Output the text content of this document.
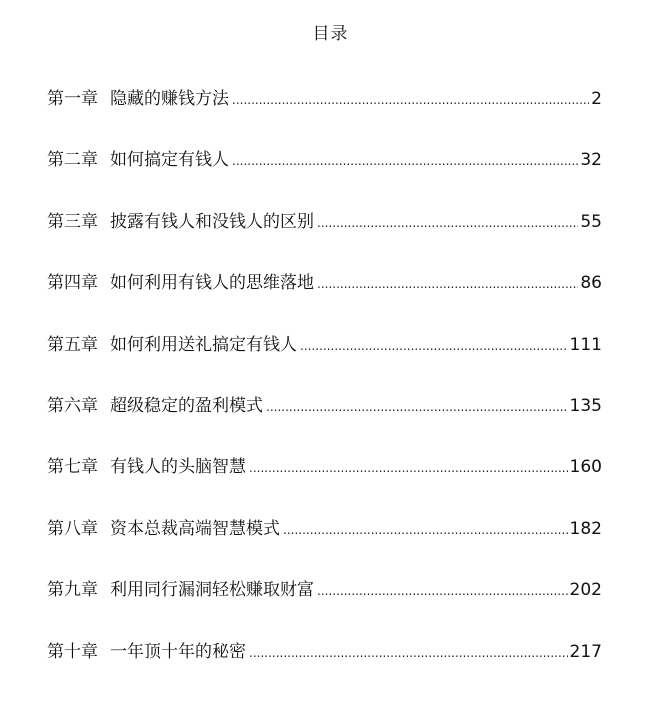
目录
第一章 隐藏的赚钱方法 .....	2
第二章 如何搞定有钱人 .....	32
第三章 披露有钱人和没钱人的区别 .....	55
第四章 如何利用有钱人的思维落地 .....	86
第五章 如何利用送礼搞定有钱人 .....	111
第六章 超级稳定的盈利模式 .....	135
第七章 有钱人的头脑智慧 .....	160
第八章 资本总裁高端智慧模式 .....	182
第九章 利用同行漏洞轻松赚取财富 .....	202
第十章 一年顶十年的秘密 .....	217
